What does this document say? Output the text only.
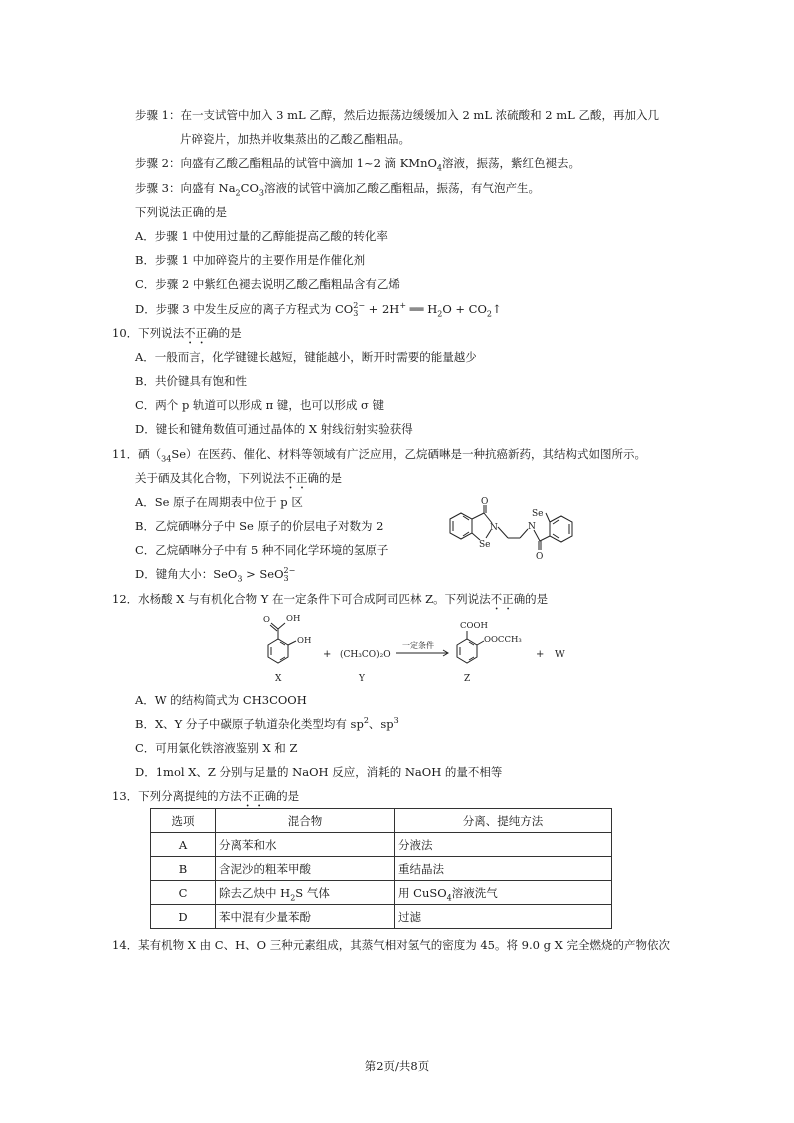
步骤 1：在一支试管中加入 3 mL 乙醇，然后边振荡边缓缓加入 2 mL 浓硫酸和 2 mL 乙酸，再加入几
片碎瓷片，加热并收集蒸出的乙酸乙酯粗品。
步骤 2：向盛有乙酸乙酯粗品的试管中滴加 1~2 滴 KMnO$_4$溶液，振荡，紫红色褪去。
步骤 3：向盛有 $Na_2CO_3$溶液的试管中滴加乙酸乙酯粗品，振荡，有气泡产生。
下列说法正确的是
A．步骤 1 中使用过量的乙醇能提高乙酸的转化率
B．步骤 1 中加碎瓷片的主要作用是作催化剂
C．步骤 2 中紫红色褪去说明乙酸乙酯粗品含有乙烯
D．步骤 3 中发生反应的离子方程式为 CO 2−
3 + 2H+ ══ $H_2O$ + $CO_2↑$
10．下列说法不正确的是
A．一般而言，化学键键长越短，键能越小，断开时需要的能量越少
B．共价键具有饱和性
C．两个 p 轨道可以形成 π 键，也可以形成 σ 键
D．键长和键角数值可通过晶体的 X 射线衍射实验获得
11．硒$(_{34}Se)$在医药、催化、材料等领域有广泛应用，乙烷硒啉是一种抗癌新药，其结构式如图所示。
关于硒及其化合物，下列说法不正确的是
A．Se 原子在周期表中位于 p 区
B．乙烷硒啉分子中 Se 原子的价层电子对数为 2
C．乙烷硒啉分子中有 5 种不同化学环境的氢原子
D．键角大小：SeO$_3$ > SeO 2−
3
O
N
Se
N
Se
O
12．水杨酸 X 与有机化合物 Y 在一定条件下可合成阿司匹林 Z。下列说法不正确的是
O OH
OH
X
+ (CH₃CO)₂O
Y
一定条件
COOH
OOCCH₃
Z
+ W
A．W 的结构简式为 CH3COOH
B．X、Y 分子中碳原子轨道杂化类型均有 $sp^2$、$sp^3$
C．可用氯化铁溶液鉴别 X 和 Z
D．1mol X、Z 分别与足量的 NaOH 反应，消耗的 NaOH 的量不相等
13．下列分离提纯的方法不正确的是
选项	混合物	分离、提纯方法
A	分离苯和水	分液法
B	含泥沙的粗苯甲酸	重结晶法
C	除去乙炔中 $H_2S$ 气体	用 CuSO$_4$溶液洗气
D	苯中混有少量苯酚	过滤
14．某有机物 X 由 C、H、O 三种元素组成，其蒸气相对氢气的密度为 45。将 9.0 g X 完全燃烧的产物依次
第2页/共8页
